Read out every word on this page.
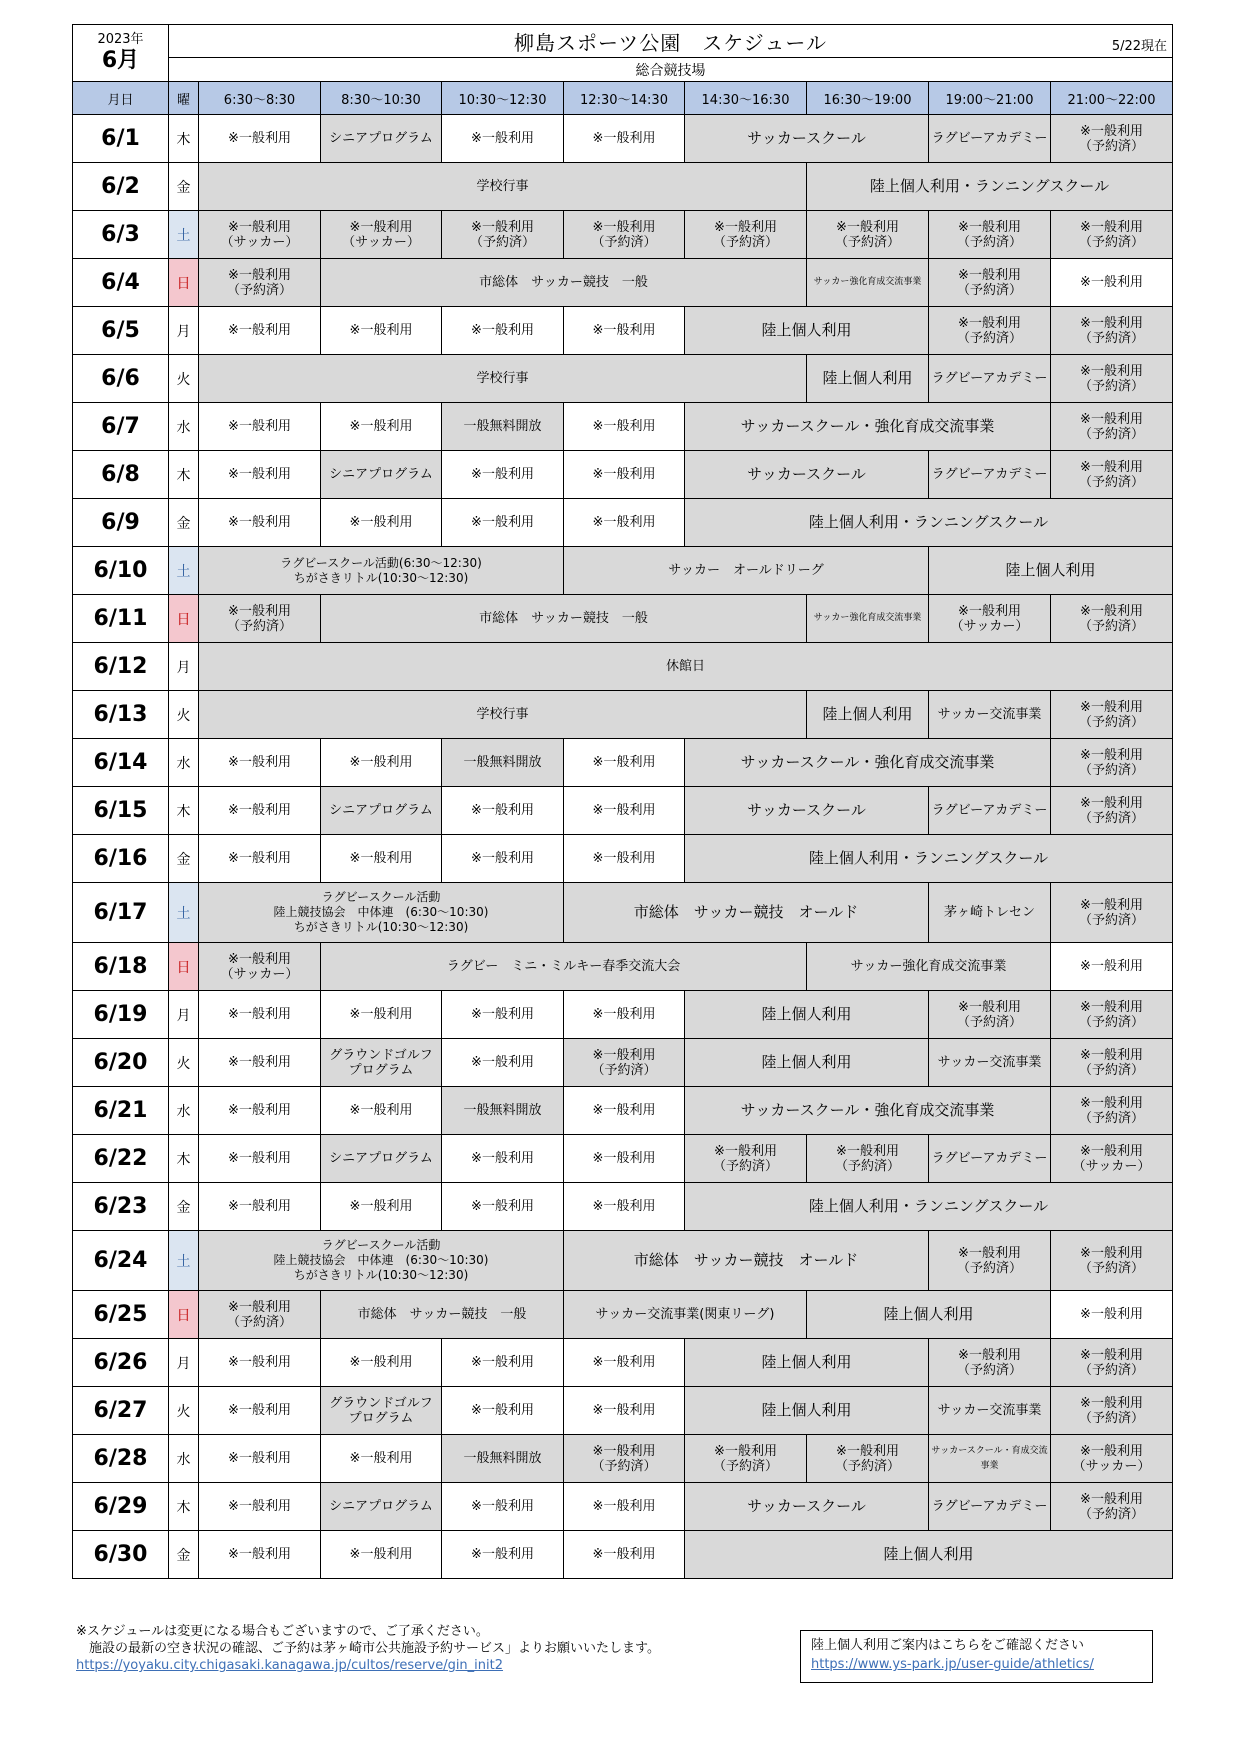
2023年
6月	柳島スポーツ公園　スケジュール 5/22現在								

	総合競技場								
月日	曜	6:30～8:30	8:30～10:30	10:30～12:30	12:30～14:30	14:30～16:30	16:30～19:00	19:00～21:00	21:00～22:00
6/1	木	※一般利用	シニアプログラム	※一般利用	※一般利用	サッカースクール		ラグビーアカデミー	※一般利用
（予約済）
6/2	金	学校行事					陸上個人利用・ランニングスクール		
6/3	土	※一般利用
（サッカー）	※一般利用
（サッカー）	※一般利用
（予約済）	※一般利用
（予約済）	※一般利用
（予約済）	※一般利用
（予約済）	※一般利用
（予約済）	※一般利用
（予約済）
6/4	日	※一般利用
（予約済）	市総体　サッカー競技　一般				サッカー強化育成交流事業	※一般利用
（予約済）	※一般利用
6/5	月	※一般利用	※一般利用	※一般利用	※一般利用	陸上個人利用		※一般利用
（予約済）	※一般利用
（予約済）
6/6	火	学校行事					陸上個人利用	ラグビーアカデミー	※一般利用
（予約済）
6/7	水	※一般利用	※一般利用	一般無料開放	※一般利用	サッカースクール・強化育成交流事業			※一般利用
（予約済）
6/8	木	※一般利用	シニアプログラム	※一般利用	※一般利用	サッカースクール		ラグビーアカデミー	※一般利用
（予約済）
6/9	金	※一般利用	※一般利用	※一般利用	※一般利用	陸上個人利用・ランニングスクール			
6/10	土	ラグビースクール活動(6:30～12:30)
ちがさきリトル(10:30～12:30)			サッカー　オールドリーグ			陸上個人利用	
6/11	日	※一般利用
（予約済）	市総体　サッカー競技　一般				サッカー強化育成交流事業	※一般利用
（サッカー）	※一般利用
（予約済）
6/12	月	休館日							
6/13	火	学校行事					陸上個人利用	サッカー交流事業	※一般利用
（予約済）
6/14	水	※一般利用	※一般利用	一般無料開放	※一般利用	サッカースクール・強化育成交流事業			※一般利用
（予約済）
6/15	木	※一般利用	シニアプログラム	※一般利用	※一般利用	サッカースクール		ラグビーアカデミー	※一般利用
（予約済）
6/16	金	※一般利用	※一般利用	※一般利用	※一般利用	陸上個人利用・ランニングスクール			
6/17	土	ラグビースクール活動
陸上競技協会　中体連　(6:30～10:30)
ちがさきリトル(10:30～12:30)			市総体　サッカー競技　オールド			茅ヶ崎トレセン	※一般利用
（予約済）
6/18	日	※一般利用
（サッカー）	ラグビー　ミニ・ミルキー春季交流大会				サッカー強化育成交流事業		※一般利用
6/19	月	※一般利用	※一般利用	※一般利用	※一般利用	陸上個人利用		※一般利用
（予約済）	※一般利用
（予約済）
6/20	火	※一般利用	グラウンドゴルフ
プログラム	※一般利用	※一般利用
（予約済）	陸上個人利用		サッカー交流事業	※一般利用
（予約済）
6/21	水	※一般利用	※一般利用	一般無料開放	※一般利用	サッカースクール・強化育成交流事業			※一般利用
（予約済）
6/22	木	※一般利用	シニアプログラム	※一般利用	※一般利用	※一般利用
（予約済）	※一般利用
（予約済）	ラグビーアカデミー	※一般利用
（サッカー）
6/23	金	※一般利用	※一般利用	※一般利用	※一般利用	陸上個人利用・ランニングスクール			
6/24	土	ラグビースクール活動
陸上競技協会　中体連　(6:30～10:30)
ちがさきリトル(10:30～12:30)			市総体　サッカー競技　オールド			※一般利用
（予約済）	※一般利用
（予約済）
6/25	日	※一般利用
（予約済）	市総体　サッカー競技　一般		サッカー交流事業(関東リーグ)		陸上個人利用		※一般利用
6/26	月	※一般利用	※一般利用	※一般利用	※一般利用	陸上個人利用		※一般利用
（予約済）	※一般利用
（予約済）
6/27	火	※一般利用	グラウンドゴルフ
プログラム	※一般利用	※一般利用	陸上個人利用		サッカー交流事業	※一般利用
（予約済）
6/28	水	※一般利用	※一般利用	一般無料開放	※一般利用
（予約済）	※一般利用
（予約済）	※一般利用
（予約済）	サッカースクール・育成交流事業	※一般利用
（サッカー）
6/29	木	※一般利用	シニアプログラム	※一般利用	※一般利用	サッカースクール		ラグビーアカデミー	※一般利用
（予約済）
6/30	金	※一般利用	※一般利用	※一般利用	※一般利用	陸上個人利用			
※スケジュールは変更になる場合もございますので、ご了承ください。
　施設の最新の空き状況の確認、ご予約は茅ヶ崎市公共施設予約サービス」よりお願いいたします。
https://yoyaku.city.chigasaki.kanagawa.jp/cultos/reserve/gin_init2
陸上個人利用ご案内はこちらをご確認ください
https://www.ys-park.jp/user-guide/athletics/
